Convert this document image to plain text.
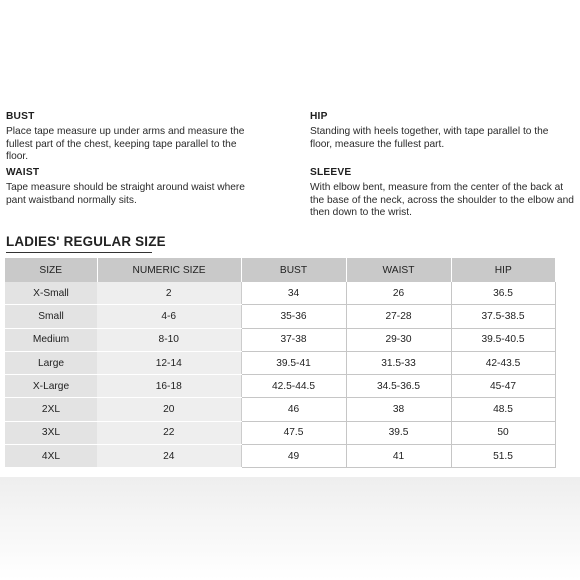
BUST
Place tape measure up under arms and measure the fullest part of the chest, keeping tape parallel to the floor.
WAIST
Tape measure should be straight around waist where pant waistband normally sits.
HIP
Standing with heels together, with tape parallel to the floor, measure the fullest part.
SLEEVE
With elbow bent, measure from the center of the back at the base of the neck, across the shoulder to the elbow and then down to the wrist.
LADIES' REGULAR SIZE
SIZE	NUMERIC SIZE	BUST	WAIST	HIP
X-Small	2	34	26	36.5
Small	4-6	35-36	27-28	37.5-38.5
Medium	8-10	37-38	29-30	39.5-40.5
Large	12-14	39.5-41	31.5-33	42-43.5
X-Large	16-18	42.5-44.5	34.5-36.5	45-47
2XL	20	46	38	48.5
3XL	22	47.5	39.5	50
4XL	24	49	41	51.5
